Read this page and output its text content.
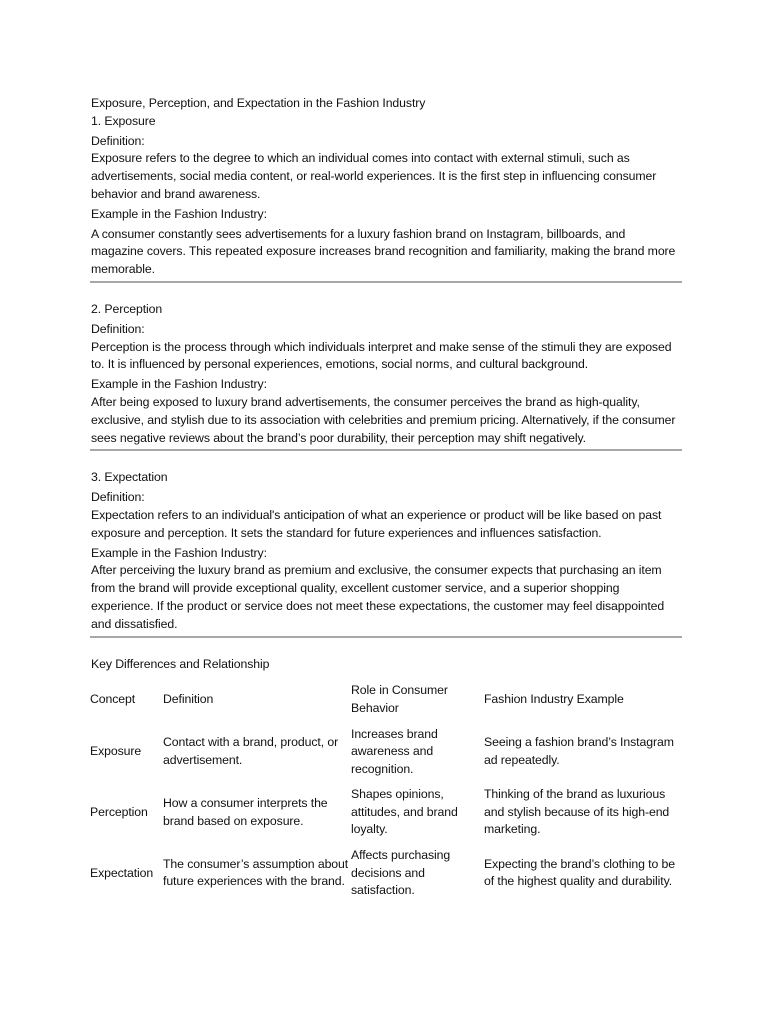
Exposure, Perception, and Expectation in the Fashion Industry

1. Exposure

Definition:

Exposure refers to the degree to which an individual comes into contact with external stimuli, such as advertisements, social media content, or real-world experiences. It is the first step in influencing consumer behavior and brand awareness.

Example in the Fashion Industry:

A consumer constantly sees advertisements for a luxury fashion brand on Instagram, billboards, and magazine covers. This repeated exposure increases brand recognition and familiarity, making the brand more memorable.

2. Perception

Definition:

Perception is the process through which individuals interpret and make sense of the stimuli they are exposed to. It is influenced by personal experiences, emotions, social norms, and cultural background.

Example in the Fashion Industry:

After being exposed to luxury brand advertisements, the consumer perceives the brand as high-quality, exclusive, and stylish due to its association with celebrities and premium pricing. Alternatively, if the consumer sees negative reviews about the brand’s poor durability, their perception may shift negatively.

3. Expectation

Definition:

Expectation refers to an individual's anticipation of what an experience or product will be like based on past exposure and perception. It sets the standard for future experiences and influences satisfaction.

Example in the Fashion Industry:

After perceiving the luxury brand as premium and exclusive, the consumer expects that purchasing an item from the brand will provide exceptional quality, excellent customer service, and a superior shopping experience. If the product or service does not meet these expectations, the customer may feel disappointed and dissatisfied.

Key Differences and Relationship

Concept	Definition	Role in Consumer Behavior	Fashion Industry Example
Exposure	Contact with a brand, product, or advertisement.	Increases brand awareness and recognition.	Seeing a fashion brand’s Instagram ad repeatedly.
Perception	How a consumer interprets the brand based on exposure.	Shapes opinions, attitudes, and brand loyalty.	Thinking of the brand as luxurious and stylish because of its high-end marketing.
Expectation	The consumer’s assumption about future experiences with the brand.	Affects purchasing decisions and satisfaction.	Expecting the brand’s clothing to be of the highest quality and durability.
